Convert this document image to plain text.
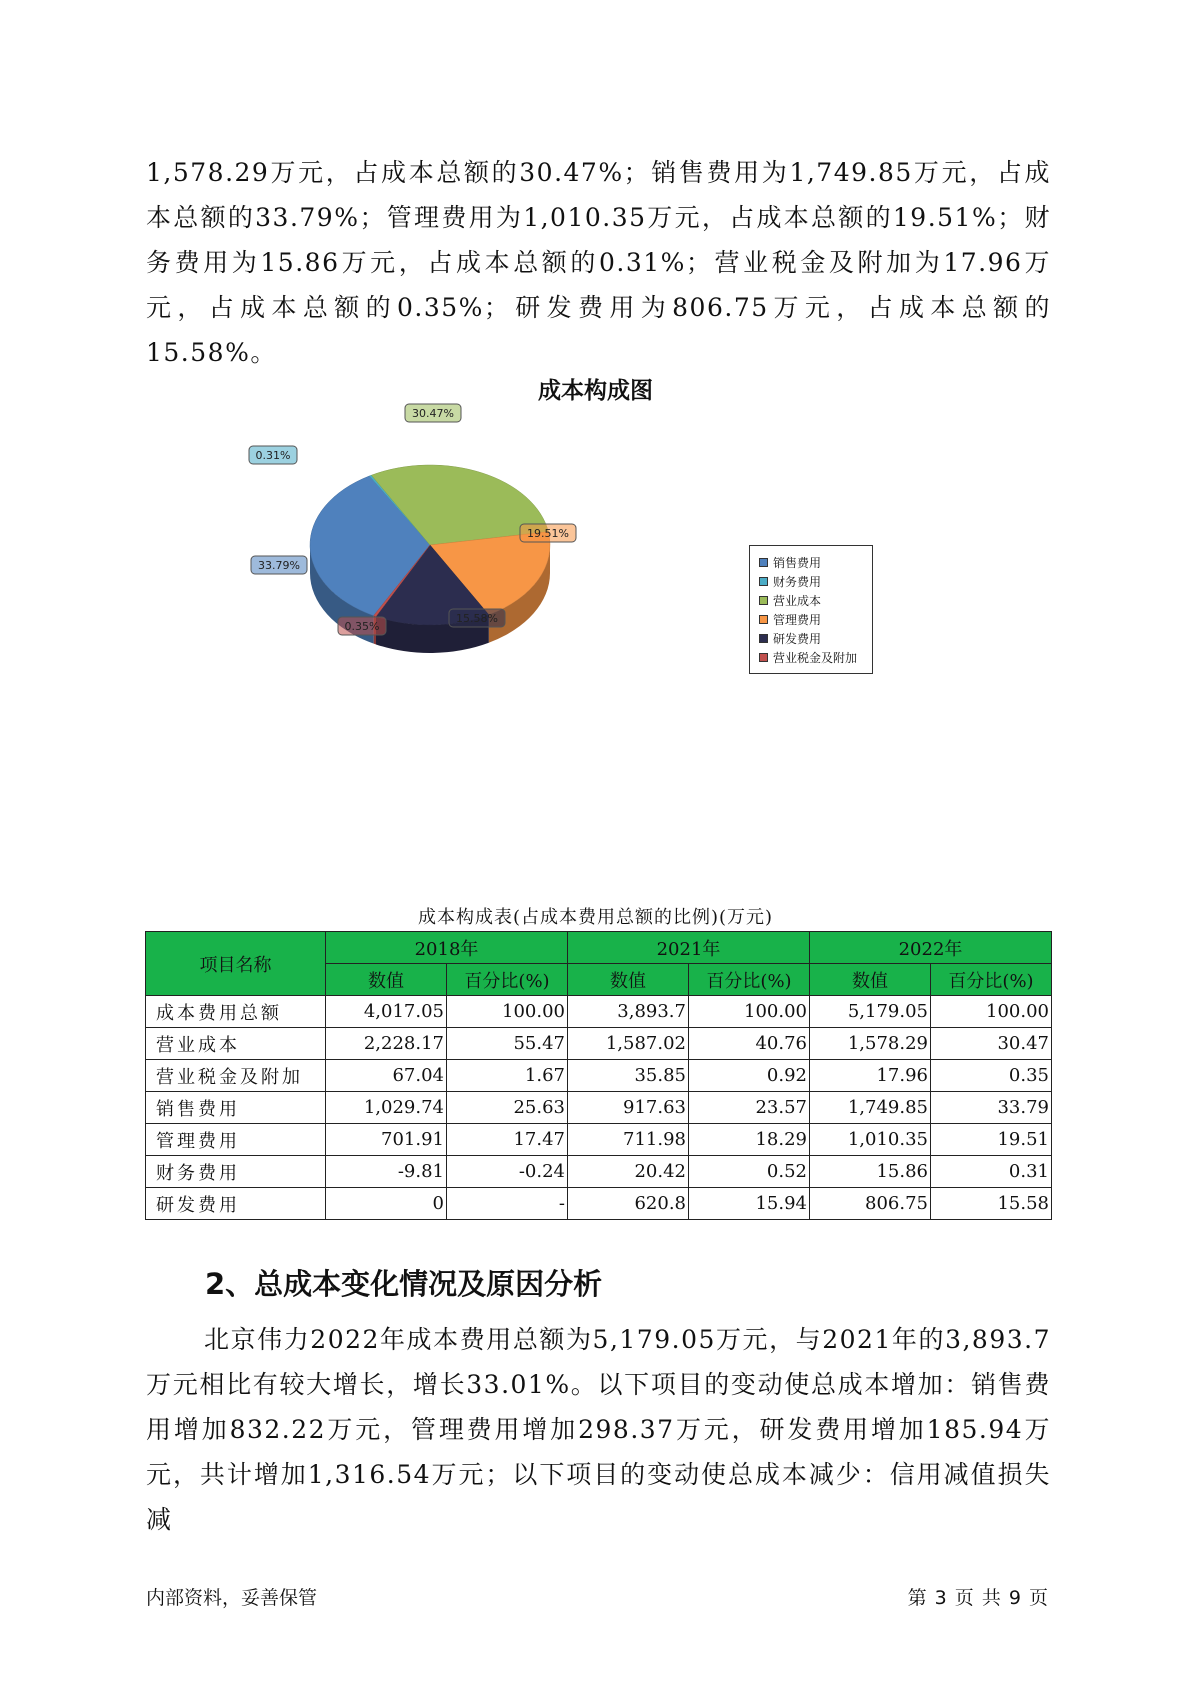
1,578.29万元，占成本总额的30.47%；销售费用为1,749.85万元，占成本总额的33.79%；管理费用为1,010.35万元，占成本总额的19.51%；财务费用为15.86万元，占成本总额的0.31%；营业税金及附加为17.96万元，占成本总额的0.35%；研发费用为806.75万元，占成本总额的15.58%。

成本构成图
33.79%
0.31%
30.47%
19.51%
15.58%
0.35%
销售费用
财务费用
营业成本
管理费用
研发费用
营业税金及附加

成本构成表(占成本费用总额的比例)(万元)

项目名称	2018年		2021年		2022年	
	数值	百分比(%)	数值	百分比(%)	数值	百分比(%)
成本费用总额	4,017.05	100.00	3,893.7	100.00	5,179.05	100.00
营业成本	2,228.17	55.47	1,587.02	40.76	1,578.29	30.47
营业税金及附加	67.04	1.67	35.85	0.92	17.96	0.35
销售费用	1,029.74	25.63	917.63	23.57	1,749.85	33.79
管理费用	701.91	17.47	711.98	18.29	1,010.35	19.51
财务费用	-9.81	-0.24	20.42	0.52	15.86	0.31
研发费用	0	-	620.8	15.94	806.75	15.58
2、总成本变化情况及原因分析

北京伟力2022年成本费用总额为5,179.05万元，与2021年的3,893.7万元相比有较大增长，增长33.01%。以下项目的变动使总成本增加：销售费用增加832.22万元，管理费用增加298.37万元，研发费用增加185.94万元，共计增加1,316.54万元；以下项目的变动使总成本减少：信用减值损失减

内部资料，妥善保管	第 3 页 共 9 页
